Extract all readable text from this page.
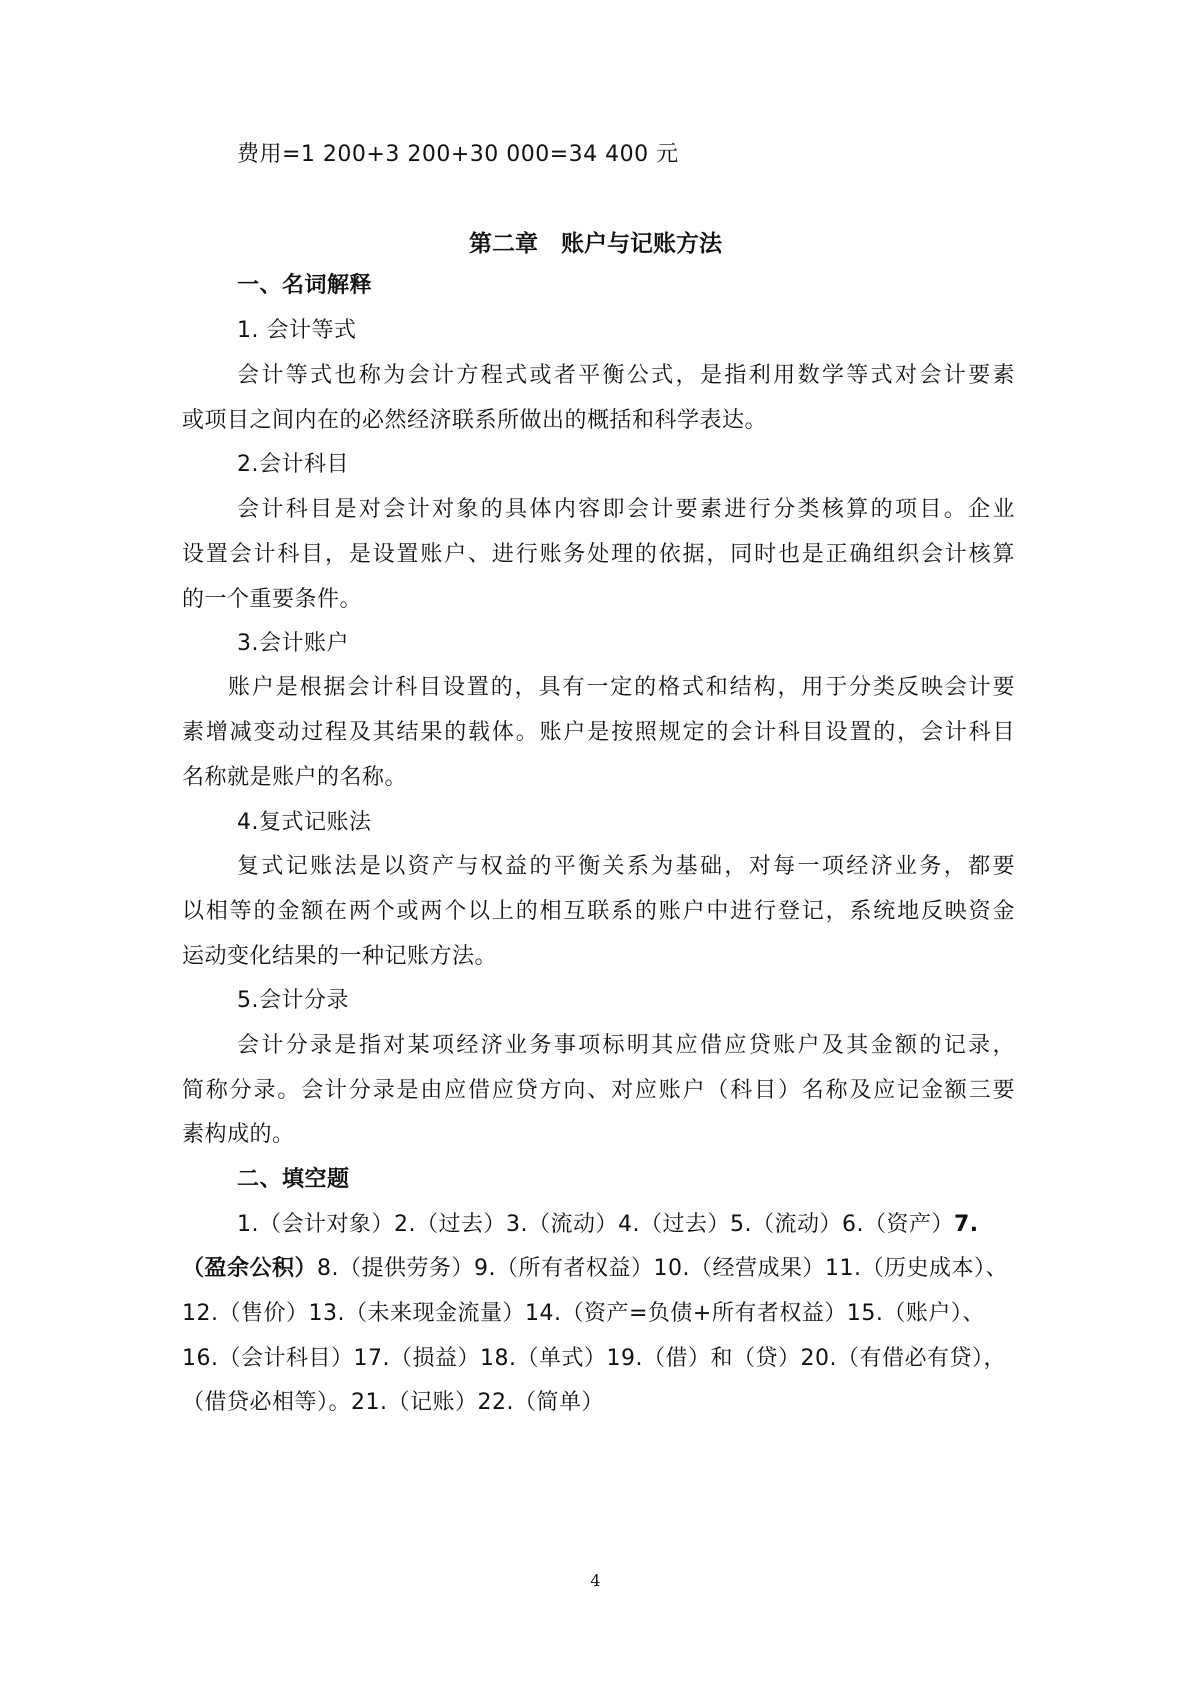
费用=1 200+3 200+30 000=34 400 元
第二章　账户与记账方法
一、名词解释
1. 会计等式
会计等式也称为会计方程式或者平衡公式，是指利用数学等式对会计要素
或项目之间内在的必然经济联系所做出的概括和科学表达。
2.会计科目
会计科目是对会计对象的具体内容即会计要素进行分类核算的项目。企业
设置会计科目，是设置账户、进行账务处理的依据，同时也是正确组织会计核算
的一个重要条件。
3.会计账户
账户是根据会计科目设置的，具有一定的格式和结构，用于分类反映会计要
素增减变动过程及其结果的载体。账户是按照规定的会计科目设置的，会计科目
名称就是账户的名称。
4.复式记账法
复式记账法是以资产与权益的平衡关系为基础，对每一项经济业务，都要
以相等的金额在两个或两个以上的相互联系的账户中进行登记，系统地反映资金
运动变化结果的一种记账方法。
5.会计分录
会计分录是指对某项经济业务事项标明其应借应贷账户及其金额的记录，
简称分录。会计分录是由应借应贷方向、对应账户（科目）名称及应记金额三要
素构成的。
二、填空题
1.（会计对象）2.（过去）3.（流动）4.（过去）5.（流动）6.（资产）7.
（盈余公积）8.（提供劳务）9.（所有者权益）10.（经营成果）11.（历史成本）、
12.（售价）13.（未来现金流量）14.（资产=负债+所有者权益）15.（账户）、
16.（会计科目）17.（损益）18.（单式）19.（借）和（贷）20.（有借必有贷），
（借贷必相等）。21.（记账）22.（简单）
4
